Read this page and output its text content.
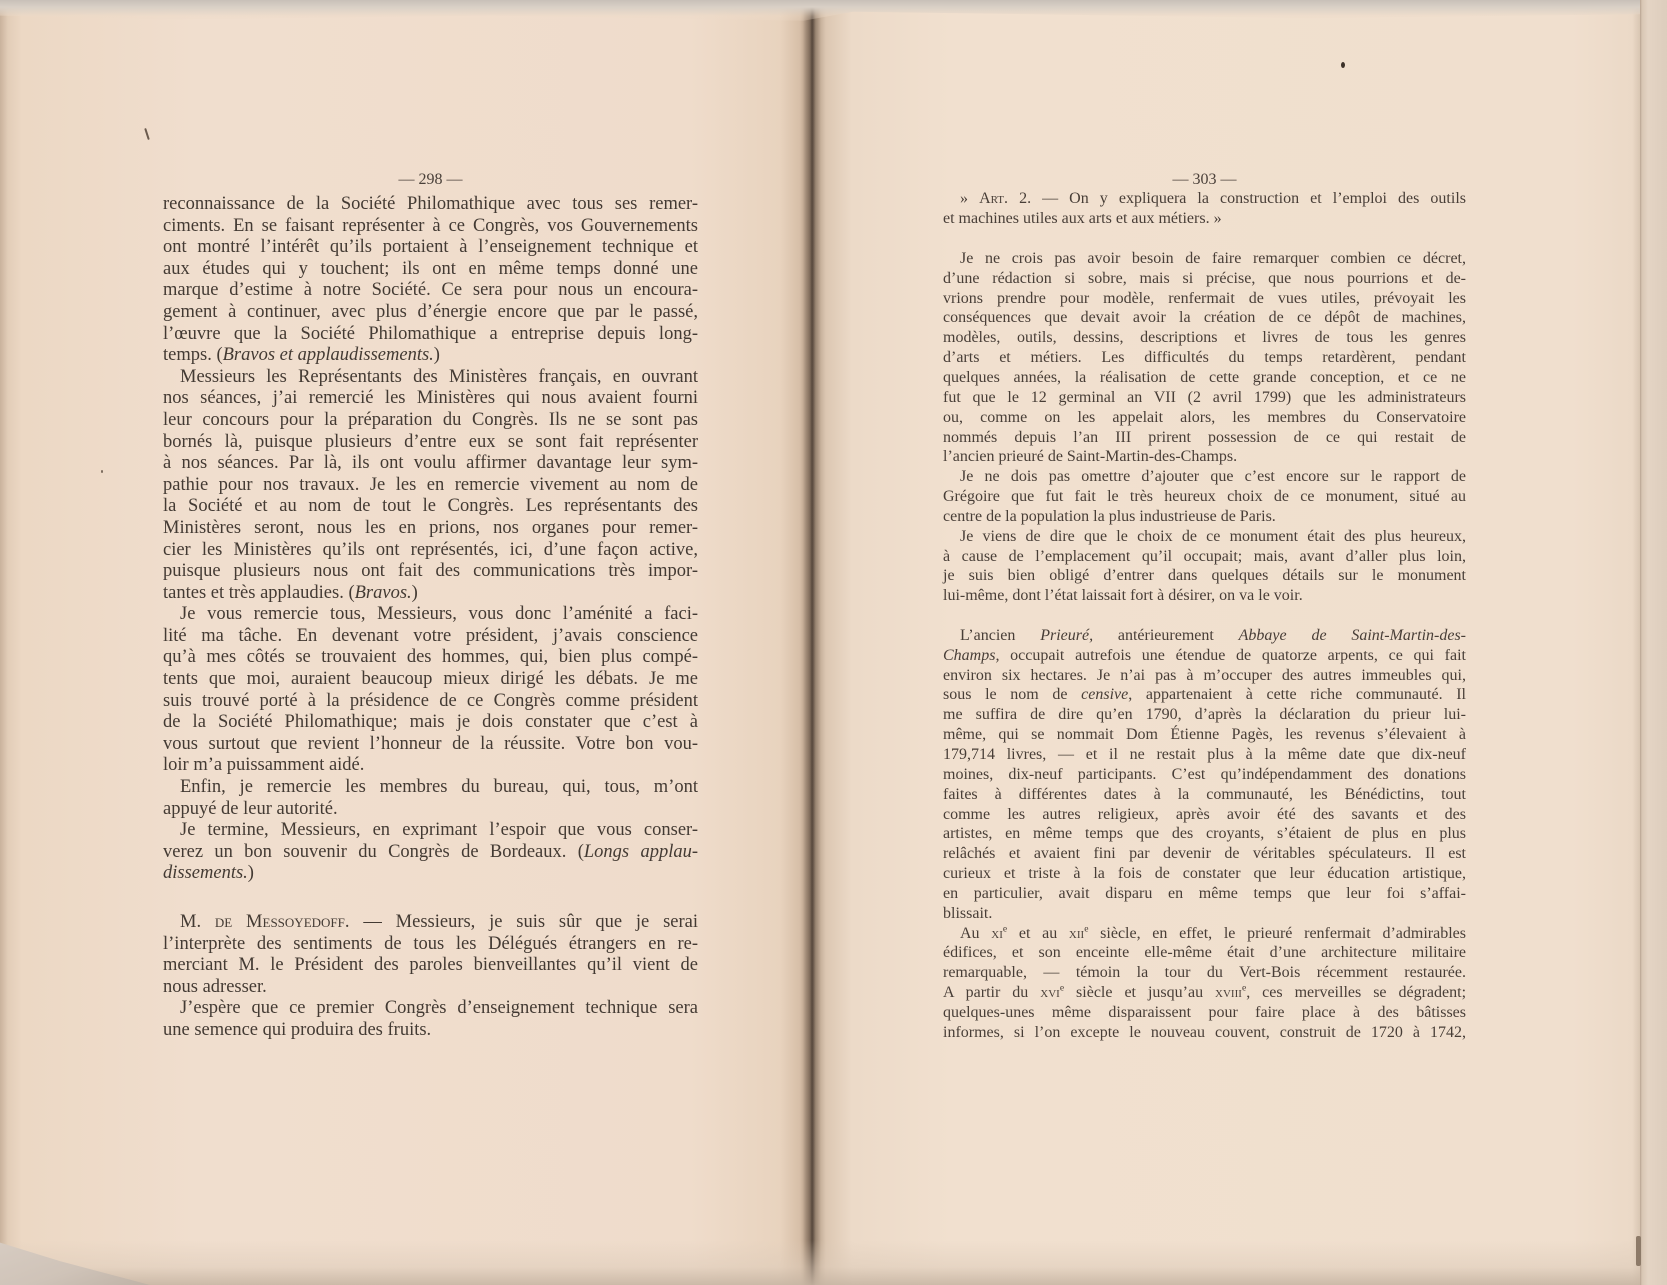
— 298 —
reconnaissance de la Société Philomathique avec tous ses remer-
ciments. En se faisant représenter à ce Congrès, vos Gouvernements
ont montré l’intérêt qu’ils portaient à l’enseignement technique et
aux études qui y touchent; ils ont en même temps donné une
marque d’estime à notre Société. Ce sera pour nous un encoura-
gement à continuer, avec plus d’énergie encore que par le passé,
l’œuvre que la Société Philomathique a entreprise depuis long-
temps. (Bravos et applaudissements.)
Messieurs les Représentants des Ministères français, en ouvrant
nos séances, j’ai remercié les Ministères qui nous avaient fourni
leur concours pour la préparation du Congrès. Ils ne se sont pas
bornés là, puisque plusieurs d’entre eux se sont fait représenter
à nos séances. Par là, ils ont voulu affirmer davantage leur sym-
pathie pour nos travaux. Je les en remercie vivement au nom de
la Société et au nom de tout le Congrès. Les représentants des
Ministères seront, nous les en prions, nos organes pour remer-
cier les Ministères qu’ils ont représentés, ici, d’une façon active,
puisque plusieurs nous ont fait des communications très impor-
tantes et très applaudies. (Bravos.)
Je vous remercie tous, Messieurs, vous donc l’aménité a faci-
lité ma tâche. En devenant votre président, j’avais conscience
qu’à mes côtés se trouvaient des hommes, qui, bien plus compé-
tents que moi, auraient beaucoup mieux dirigé les débats. Je me
suis trouvé porté à la présidence de ce Congrès comme président
de la Société Philomathique; mais je dois constater que c’est à
vous surtout que revient l’honneur de la réussite. Votre bon vou-
loir m’a puissamment aidé.
Enfin, je remercie les membres du bureau, qui, tous, m’ont
appuyé de leur autorité.
Je termine, Messieurs, en exprimant l’espoir que vous conser-
verez un bon souvenir du Congrès de Bordeaux. (Longs applau-
dissements.)
M. de Messoyedoff. — Messieurs, je suis sûr que je serai
l’interprète des sentiments de tous les Délégués étrangers en re-
merciant M. le Président des paroles bienveillantes qu’il vient de
nous adresser.
J’espère que ce premier Congrès d’enseignement technique sera
une semence qui produira des fruits.
— 303 —
» Art. 2. — On y expliquera la construction et l’emploi des outils
et machines utiles aux arts et aux métiers. »
Je ne crois pas avoir besoin de faire remarquer combien ce décret,
d’une rédaction si sobre, mais si précise, que nous pourrions et de-
vrions prendre pour modèle, renfermait de vues utiles, prévoyait les
conséquences que devait avoir la création de ce dépôt de machines,
modèles, outils, dessins, descriptions et livres de tous les genres
d’arts et métiers. Les difficultés du temps retardèrent, pendant
quelques années, la réalisation de cette grande conception, et ce ne
fut que le 12 germinal an VII (2 avril 1799) que les administrateurs
ou, comme on les appelait alors, les membres du Conservatoire
nommés depuis l’an III prirent possession de ce qui restait de
l’ancien prieuré de Saint-Martin-des-Champs.
Je ne dois pas omettre d’ajouter que c’est encore sur le rapport de
Grégoire que fut fait le très heureux choix de ce monument, situé au
centre de la population la plus industrieuse de Paris.
Je viens de dire que le choix de ce monument était des plus heureux,
à cause de l’emplacement qu’il occupait; mais, avant d’aller plus loin,
je suis bien obligé d’entrer dans quelques détails sur le monument
lui-même, dont l’état laissait fort à désirer, on va le voir.
L’ancien Prieuré, antérieurement Abbaye de Saint-Martin-des-
Champs, occupait autrefois une étendue de quatorze arpents, ce qui fait
environ six hectares. Je n’ai pas à m’occuper des autres immeubles qui,
sous le nom de censive, appartenaient à cette riche communauté. Il
me suffira de dire qu’en 1790, d’après la déclaration du prieur lui-
même, qui se nommait Dom Étienne Pagès, les revenus s’élevaient à
179,714 livres, — et il ne restait plus à la même date que dix-neuf
moines, dix-neuf participants. C’est qu’indépendamment des donations
faites à différentes dates à la communauté, les Bénédictins, tout
comme les autres religieux, après avoir été des savants et des
artistes, en même temps que des croyants, s’étaient de plus en plus
relâchés et avaient fini par devenir de véritables spéculateurs. Il est
curieux et triste à la fois de constater que leur éducation artistique,
en particulier, avait disparu en même temps que leur foi s’affai-
blissait.
Au $xi^e$ et au xii$^e$ siècle, en effet, le prieuré renfermait d’admirables
édifices, et son enceinte elle-même était d’une architecture militaire
remarquable, — témoin la tour du Vert-Bois récemment restaurée.
A partir du xvi$^e$ siècle et jusqu’au xviii$^e$, ces merveilles se dégradent;
quelques-unes même disparaissent pour faire place à des bâtisses
informes, si l’on excepte le nouveau couvent, construit de 1720 à 1742,
